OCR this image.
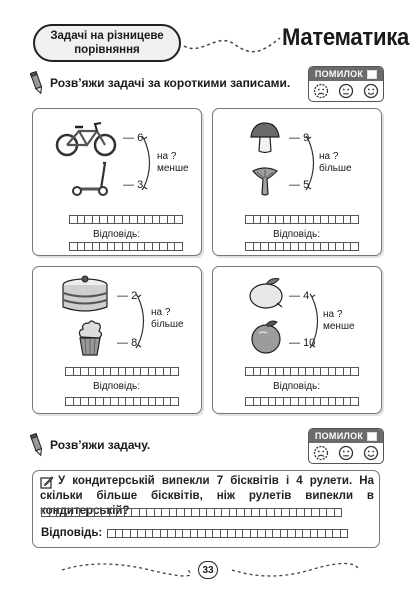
Задачі на різницеве порівняння	Математика
Розв’яжи задачі за короткими записами.
ПОМИЛОК
— 6
— 3
на ?
менше
Відповідь:
— 9
— 5
на ?
більше
Відповідь:
— 2
— 8
на ?
більше
Відповідь:
— 4
— 10
на ?
менше
Відповідь:
Розв’яжи задачу.
ПОМИЛОК
У кондитерській випекли 7 бісквітів і 4 рулети. На скільки більше бісквітів, ніж рулетів випекли в кондитерській?
Відповідь:
33
